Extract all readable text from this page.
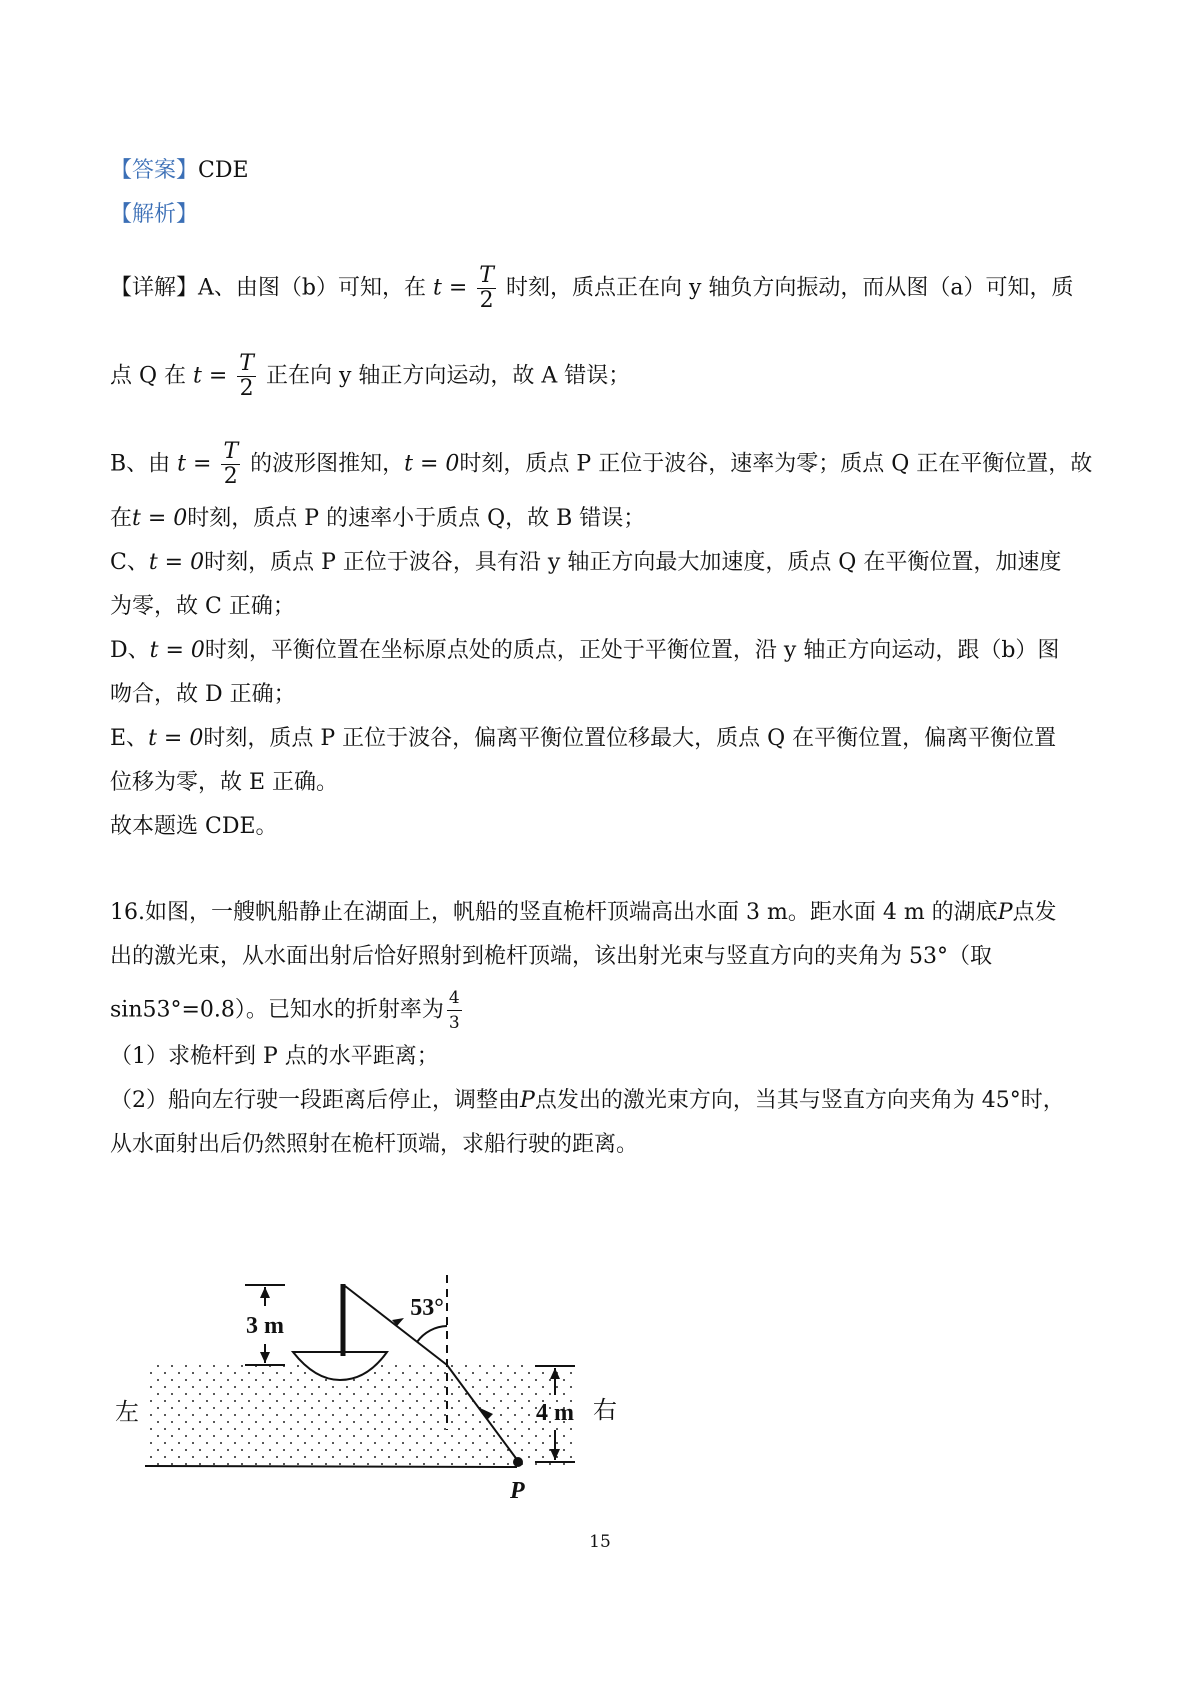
【答案】CDE
【解析】
【详解】A、由图（b）可知，在 $t = \frac{T}{2}$ 时刻，质点正在向 y 轴负方向振动，而从图（a）可知，质
点 Q 在 $t = \frac{T}{2}$ 正在向 y 轴正方向运动，故 A 错误；
B、由 $t = \frac{T}{2}$ 的波形图推知，t = 0时刻，质点 P 正位于波谷，速率为零；质点 Q 正在平衡位置，故
在t = 0时刻，质点 P 的速率小于质点 Q，故 B 错误；
C、t = 0时刻，质点 P 正位于波谷，具有沿 y 轴正方向最大加速度，质点 Q 在平衡位置，加速度
为零，故 C 正确；
D、t = 0时刻，平衡位置在坐标原点处的质点，正处于平衡位置，沿 y 轴正方向运动，跟（b）图
吻合，故 D 正确；
E、t = 0时刻，质点 P 正位于波谷，偏离平衡位置位移最大，质点 Q 在平衡位置，偏离平衡位置
位移为零，故 E 正确。
故本题选 CDE。
16.如图，一艘帆船静止在湖面上，帆船的竖直桅杆顶端高出水面 3 m。距水面 4 m 的湖底P点发
出的激光束，从水面出射后恰好照射到桅杆顶端，该出射光束与竖直方向的夹角为 53°（取
sin53°=0.8）。已知水的折射率为 $\frac{4}{3}$
（1）求桅杆到 P 点的水平距离；
（2）船向左行驶一段距离后停止，调整由P点发出的激光束方向，当其与竖直方向夹角为 45°时，
从水面射出后仍然照射在桅杆顶端，求船行驶的距离。
3 m
53°
4 m
左	右
P
15
